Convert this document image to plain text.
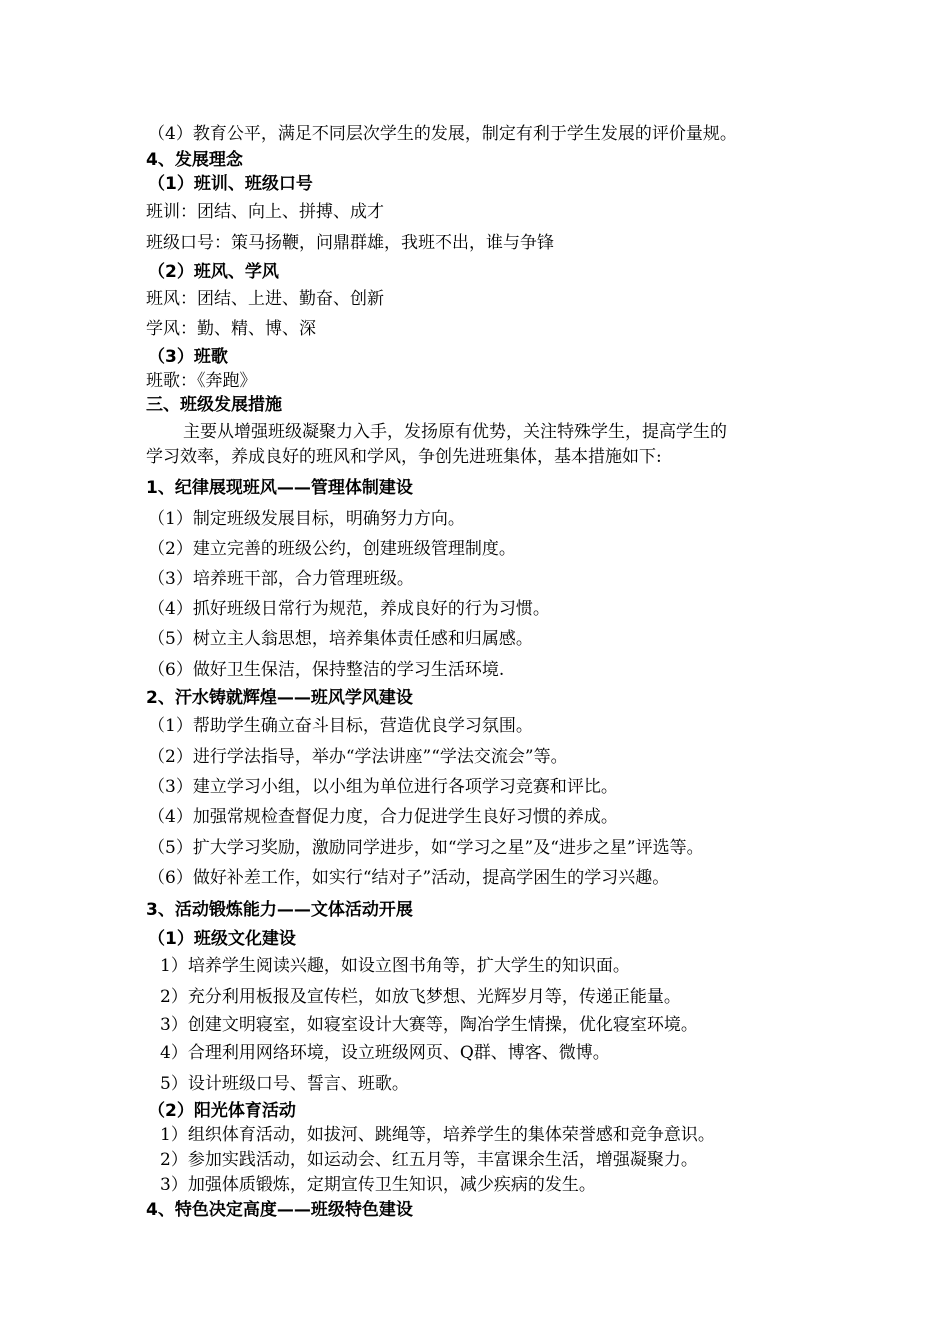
（4）教育公平，满足不同层次学生的发展，制定有利于学生发展的评价量规。
4、发展理念
（1）班训、班级口号
班训：团结、向上、拼搏、成才
班级口号：策马扬鞭，问鼎群雄，我班不出，谁与争锋
（2）班风、学风
班风：团结、上进、勤奋、创新
学风：勤、精、博、深
（3）班歌
班歌：《奔跑》
三、班级发展措施
主要从增强班级凝聚力入手，发扬原有优势，关注特殊学生，提高学生的
学习效率，养成良好的班风和学风，争创先进班集体，基本措施如下:
1、纪律展现班风——管理体制建设
（1）制定班级发展目标，明确努力方向。
（2）建立完善的班级公约，创建班级管理制度。
（3）培养班干部，合力管理班级。
（4）抓好班级日常行为规范，养成良好的行为习惯。
（5）树立主人翁思想，培养集体责任感和归属感。
（6）做好卫生保洁，保持整洁的学习生活环境.
2、汗水铸就辉煌——班风学风建设
（1）帮助学生确立奋斗目标，营造优良学习氛围。
（2）进行学法指导，举办“学法讲座”“学法交流会”等。
（3）建立学习小组，以小组为单位进行各项学习竞赛和评比。
（4）加强常规检查督促力度，合力促进学生良好习惯的养成。
（5）扩大学习奖励，激励同学进步，如“学习之星”及“进步之星”评选等。
（6）做好补差工作，如实行“结对子”活动，提高学困生的学习兴趣。
3、活动锻炼能力——文体活动开展
（1）班级文化建设
1）培养学生阅读兴趣，如设立图书角等，扩大学生的知识面。
2）充分利用板报及宣传栏，如放飞梦想、光辉岁月等，传递正能量。
3）创建文明寝室，如寝室设计大赛等，陶冶学生情操，优化寝室环境。
4）合理利用网络环境，设立班级网页、Q群、博客、微博。
5）设计班级口号、誓言、班歌。
（2）阳光体育活动
1）组织体育活动，如拔河、跳绳等，培养学生的集体荣誉感和竞争意识。
2）参加实践活动，如运动会、红五月等，丰富课余生活，增强凝聚力。
3）加强体质锻炼，定期宣传卫生知识，减少疾病的发生。
4、特色决定高度——班级特色建设
